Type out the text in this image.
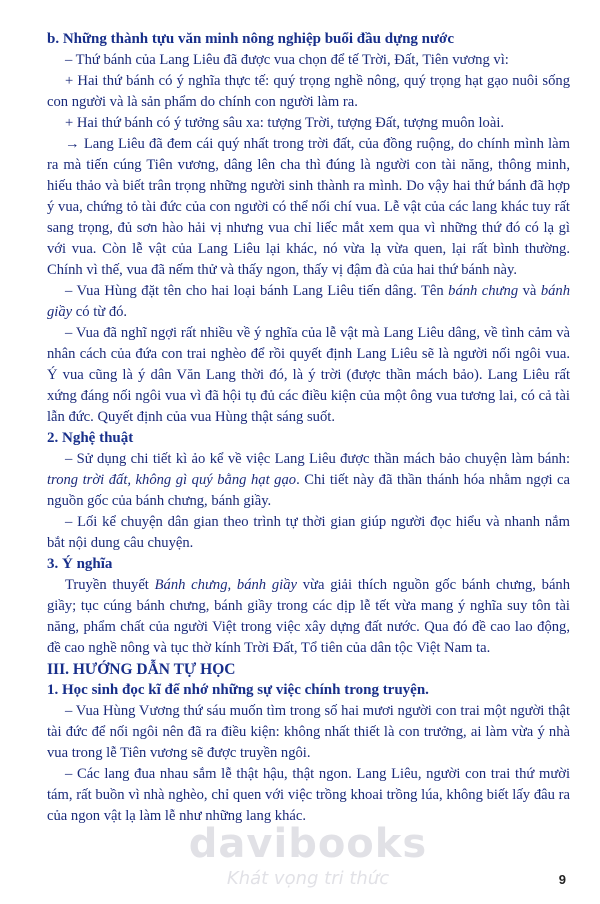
b. Những thành tựu văn minh nông nghiệp buổi đầu dựng nước

– Thứ bánh của Lang Liêu đã được vua chọn để tế Trời, Đất, Tiên vương vì:

+ Hai thứ bánh có ý nghĩa thực tế: quý trọng nghề nông, quý trọng hạt gạo nuôi sống con người và là sản phẩm do chính con người làm ra.

+ Hai thứ bánh có ý tưởng sâu xa: tượng Trời, tượng Đất, tượng muôn loài.

→ Lang Liêu đã đem cái quý nhất trong trời đất, của đồng ruộng, do chính mình làm ra mà tiến cúng Tiên vương, dâng lên cha thì đúng là người con tài năng, thông minh, hiếu thảo và biết trân trọng những người sinh thành ra mình. Do vậy hai thứ bánh đã hợp ý vua, chứng tỏ tài đức của con người có thể nối chí vua. Lễ vật của các lang khác tuy rất sang trọng, đủ sơn hào hải vị nhưng vua chỉ liếc mắt xem qua vì những thứ đó có lạ gì với vua. Còn lễ vật của Lang Liêu lại khác, nó vừa lạ vừa quen, lại rất bình thường. Chính vì thế, vua đã nếm thử và thấy ngon, thấy vị đậm đà của hai thứ bánh này.

– Vua Hùng đặt tên cho hai loại bánh Lang Liêu tiến dâng. Tên bánh chưng và bánh giầy có từ đó.

– Vua đã nghĩ ngợi rất nhiều về ý nghĩa của lễ vật mà Lang Liêu dâng, về tình cảm và nhân cách của đứa con trai nghèo để rồi quyết định Lang Liêu sẽ là người nối ngôi vua. Ý vua cũng là ý dân Văn Lang thời đó, là ý trời (được thần mách bảo). Lang Liêu rất xứng đáng nối ngôi vua vì đã hội tụ đủ các điều kiện của một ông vua tương lai, có cả tài lẫn đức. Quyết định của vua Hùng thật sáng suốt.

2. Nghệ thuật

– Sử dụng chi tiết kì ảo kể về việc Lang Liêu được thần mách bảo chuyện làm bánh: trong trời đất, không gì quý bằng hạt gạo. Chi tiết này đã thần thánh hóa nhằm ngợi ca nguồn gốc của bánh chưng, bánh giầy.

– Lối kể chuyện dân gian theo trình tự thời gian giúp người đọc hiểu và nhanh nắm bắt nội dung câu chuyện.

3. Ý nghĩa

Truyền thuyết Bánh chưng, bánh giầy vừa giải thích nguồn gốc bánh chưng, bánh giầy; tục cúng bánh chưng, bánh giầy trong các dịp lễ tết vừa mang ý nghĩa suy tôn tài năng, phẩm chất của người Việt trong việc xây dựng đất nước. Qua đó đề cao lao động, đề cao nghề nông và tục thờ kính Trời Đất, Tổ tiên của dân tộc Việt Nam ta.

III. HƯỚNG DẪN TỰ HỌC

1. Học sinh đọc kĩ để nhớ những sự việc chính trong truyện.

– Vua Hùng Vương thứ sáu muốn tìm trong số hai mươi người con trai một người thật tài đức để nối ngôi nên đã ra điều kiện: không nhất thiết là con trưởng, ai làm vừa ý nhà vua trong lễ Tiên vương sẽ được truyền ngôi.

– Các lang đua nhau sắm lễ thật hậu, thật ngon. Lang Liêu, người con trai thứ mười tám, rất buồn vì nhà nghèo, chỉ quen với việc trồng khoai trồng lúa, không biết lấy đâu ra của ngon vật lạ làm lễ như những lang khác.

davibooks
Khát vọng tri thức	9
